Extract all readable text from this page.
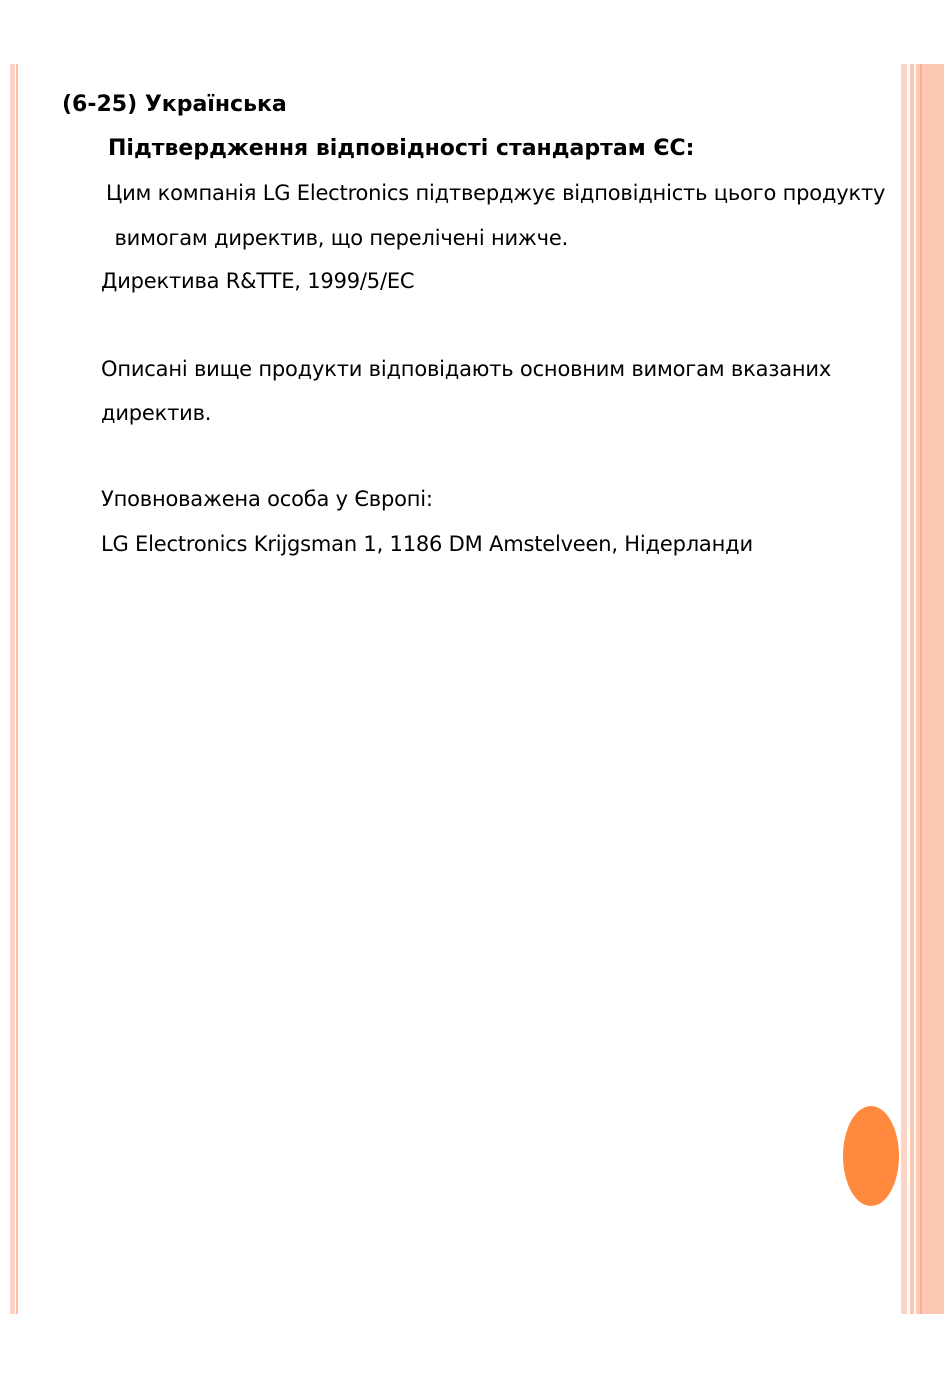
(6-25) Українська
Підтвердження відповідності стандартам ЄС:
Цим компанія LG Electronics підтверджує відповідність цього продукту
вимогам директив, що перелічені нижче.
Директива R&TTE, 1999/5/EC
Описані вище продукти відповідають основним вимогам вказаних
директив.
Уповноважена особа у Європі:
LG Electronics Krijgsman 1, 1186 DM Amstelveen, Нідерланди
